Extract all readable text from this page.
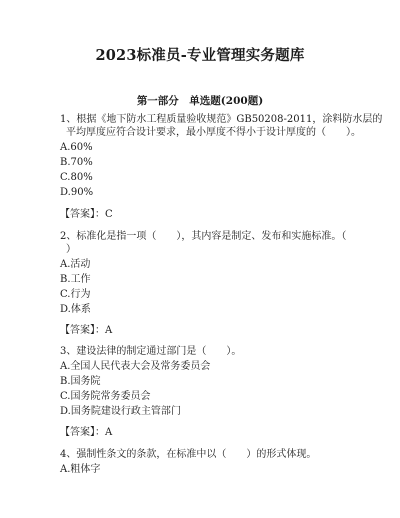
2023标准员-专业管理实务题库
第一部分　单选题(200题)
1、根据《地下防水工程质量验收规范》GB50208-2011，涂料防水层的
平均厚度应符合设计要求，最小厚度不得小于设计厚度的（　　）。
A.60%
B.70%
C.80%
D.90%
【答案】：C
2、标准化是指一项（　　），其内容是制定、发布和实施标准。（
）
A.活动
B.工作
C.行为
D.体系
【答案】：A
3、建设法律的制定通过部门是（　　）。
A.全国人民代表大会及常务委员会
B.国务院
C.国务院常务委员会
D.国务院建设行政主管部门
【答案】：A
4、强制性条文的条款，在标准中以（　　）的形式体现。
A.粗体字
